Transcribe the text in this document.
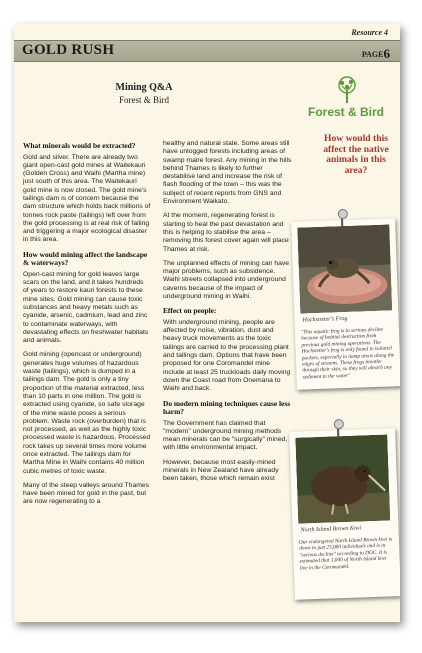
Resource 4
GOLD RUSH	PAGE6
Mining Q&A
Forest & Bird
Forest & Bird
What minerals would be extracted?

Gold and silver. There are already two giant open-cast gold mines at Waitekauri (Golden Cross) and Waihi (Martha mine) just south of this area. The Waitekauri gold mine is now closed. The gold mine's tailings dam is of concern because the dam structure which holds back millions of tonnes rock paste (tailings) left over from the gold processing is at real risk of failing and triggering a major ecological disaster in this area.

How would mining affect the landscape & waterways?

Open-cast mining for gold leaves large scars on the land, and it takes hundreds of years to restore kauri forests to these mine sites. Gold mining can cause toxic substances and heavy metals such as cyanide, arsenic, cadmium, lead and zinc to contaminate waterways, with devastating effects on freshwater habitats and animals.

Gold mining (opencast or underground) generates huge volumes of hazardous waste (tailings), which is dumped in a tailings dam. The gold is only a tiny proportion of the material extracted, less than 10 parts in one million. The gold is extracted using cyanide, so safe storage of the mine waste poses a serious problem. Waste rock (overburden) that is not processed, as well as the highly toxic processed waste is hazardous. Processed rock takes up several times more volume once extracted. The tailings dam for Martha Mine in Waihi contains 40 million cubic metres of toxic waste.

Many of the steep valleys around Thames have been mined for gold in the past, but are now regenerating to a

healthy and natural state. Some areas still have unlogged forests including areas of swamp maire forest. Any mining in the hills behind Thames is likely to further destabilise land and increase the risk of flash flooding of the town – this was the subject of recent reports from GNS and Environment Waikato.

At the moment, regenerating forest is starting to heal the past devastation and this is helping to stabilise the area – removing this forest cover again will place Thames at risk.

The unplanned effects of mining can have major problems, such as subsidence. Waihi streets collapsed into underground caverns because of the impact of underground mining in Waihi.

Effect on people:

With underground mining, people are affected by noise, vibration, dust and heavy truck movements as the toxic tailings are carried to the processing plant and tailings dam. Options that have been proposed for one Coromandel mine include at least 25 truckloads daily moving down the Coast road from Onemana to Waihi and back.

Do modern mining techniques cause less harm?

The Government has claimed that "modern" underground mining methods mean minerals can be "surgically" mined, with little environmental impact.

However, because most easily-mined minerals in New Zealand have already been taken, those which remain exist

How would this affect the native animals in this area?
Hochstetter's Frog
"This aquatic frog is in serious decline because of habitat destruction from previous gold mining operations. The Hochstetter's frog is only found in isolated pockets, especially in damp areas along the edges of streams. These frogs breathe through their skin, so they will absorb any sediment in the water"
North Island Brown Kiwi
Our endangered North Island Brown kiwi is down to just 25,000 individuals and is in "serious decline" according to DOC. It is estimated that 1,000 of North Island kiwi live in the Coromandel.
